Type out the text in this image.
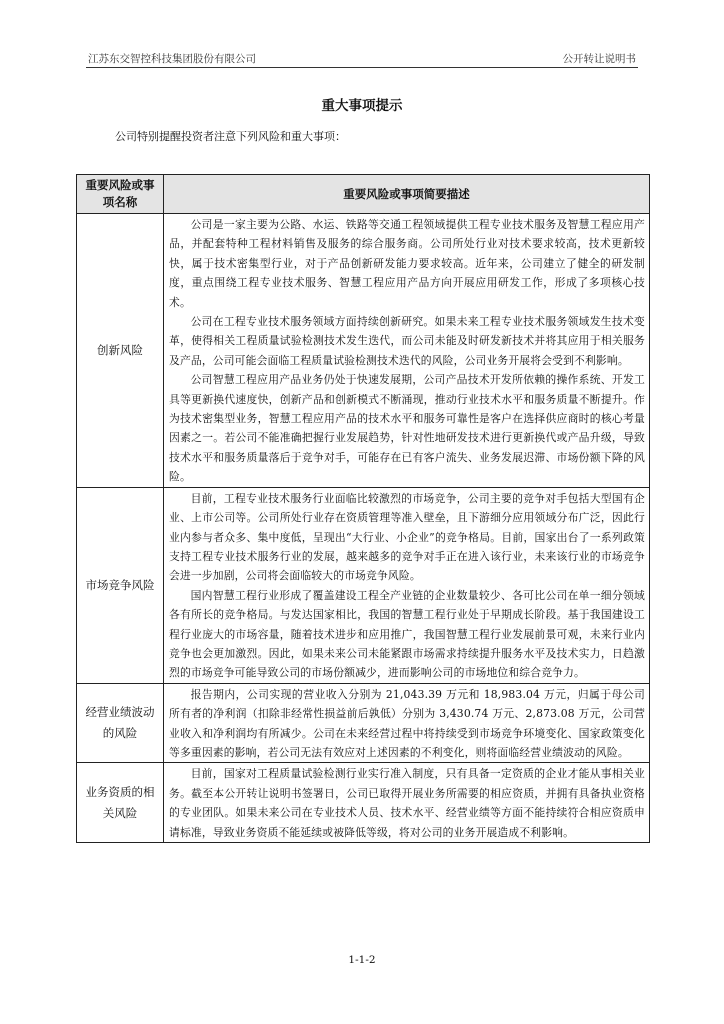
江苏东交智控科技集团股份有限公司	公开转让说明书
重大事项提示
公司特别提醒投资者注意下列风险和重大事项：
重要风险或事项名称	重要风险或事项简要描述
创新风险	公司是一家主要为公路、水运、铁路等交通工程领域提供工程专业技术服务及智慧工程应用产品，并配套特种工程材料销售及服务的综合服务商。公司所处行业对技术要求较高，技术更新较快，属于技术密集型行业，对于产品创新研发能力要求较高。近年来，公司建立了健全的研发制度，重点围绕工程专业技术服务、智慧工程应用产品方向开展应用研发工作，形成了多项核心技术。

公司在工程专业技术服务领域方面持续创新研究。如果未来工程专业技术服务领域发生技术变革，使得相关工程质量试验检测技术发生迭代，而公司未能及时研发新技术并将其应用于相关服务及产品，公司可能会面临工程质量试验检测技术迭代的风险，公司业务开展将会受到不利影响。

公司智慧工程应用产品业务仍处于快速发展期，公司产品技术开发所依赖的操作系统、开发工具等更新换代速度快，创新产品和创新模式不断涌现，推动行业技术水平和服务质量不断提升。作为技术密集型业务，智慧工程应用产品的技术水平和服务可靠性是客户在选择供应商时的核心考量因素之一。若公司不能准确把握行业发展趋势，针对性地研发技术进行更新换代或产品升级，导致技术水平和服务质量落后于竞争对手，可能存在已有客户流失、业务发展迟滞、市场份额下降的风险。

市场竞争风险	目前，工程专业技术服务行业面临比较激烈的市场竞争，公司主要的竞争对手包括大型国有企业、上市公司等。公司所处行业存在资质管理等准入壁垒，且下游细分应用领域分布广泛，因此行业内参与者众多、集中度低，呈现出“大行业、小企业”的竞争格局。目前，国家出台了一系列政策支持工程专业技术服务行业的发展，越来越多的竞争对手正在进入该行业，未来该行业的市场竞争会进一步加剧，公司将会面临较大的市场竞争风险。

国内智慧工程行业形成了覆盖建设工程全产业链的企业数量较少、各可比公司在单一细分领域各有所长的竞争格局。与发达国家相比，我国的智慧工程行业处于早期成长阶段。基于我国建设工程行业庞大的市场容量，随着技术进步和应用推广，我国智慧工程行业发展前景可观，未来行业内竞争也会更加激烈。因此，如果未来公司未能紧跟市场需求持续提升服务水平及技术实力，日趋激烈的市场竞争可能导致公司的市场份额减少，进而影响公司的市场地位和综合竞争力。

经营业绩波动的风险	报告期内，公司实现的营业收入分别为 21,043.39 万元和 18,983.04 万元，归属于母公司所有者的净利润（扣除非经常性损益前后孰低）分别为 3,430.74 万元、2,873.08 万元，公司营业收入和净利润均有所减少。公司在未来经营过程中将持续受到市场竞争环境变化、国家政策变化等多重因素的影响，若公司无法有效应对上述因素的不利变化，则将面临经营业绩波动的风险。

业务资质的相关风险	目前，国家对工程质量试验检测行业实行准入制度，只有具备一定资质的企业才能从事相关业务。截至本公开转让说明书签署日，公司已取得开展业务所需要的相应资质，并拥有具备执业资格的专业团队。如果未来公司在专业技术人员、技术水平、经营业绩等方面不能持续符合相应资质申请标准，导致业务资质不能延续或被降低等级，将对公司的业务开展造成不利影响。

1-1-2
